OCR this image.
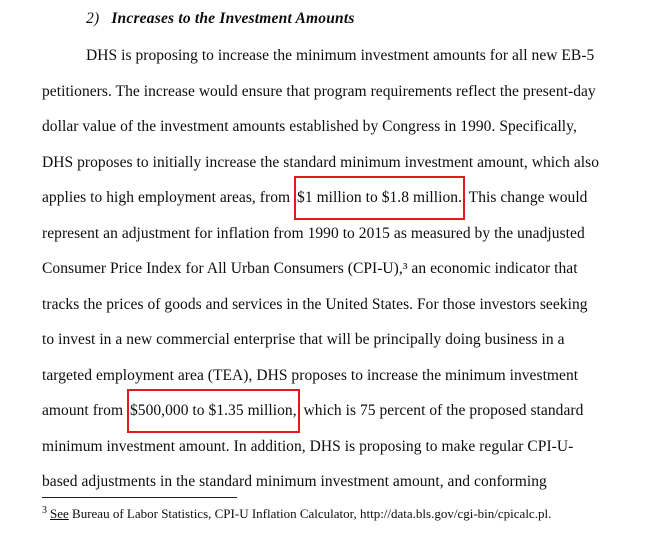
2) Increases to the Investment Amounts
DHS is proposing to increase the minimum investment amounts for all new EB-5
petitioners. The increase would ensure that program requirements reflect the present-day
dollar value of the investment amounts established by Congress in 1990. Specifically,
DHS proposes to initially increase the standard minimum investment amount, which also
applies to high employment areas, from $1 million to $1.8 million. This change would
represent an adjustment for inflation from 1990 to 2015 as measured by the unadjusted
Consumer Price Index for All Urban Consumers (CPI-U),³ an economic indicator that
tracks the prices of goods and services in the United States. For those investors seeking
to invest in a new commercial enterprise that will be principally doing business in a
targeted employment area (TEA), DHS proposes to increase the minimum investment
amount from $500,000 to $1.35 million, which is 75 percent of the proposed standard
minimum investment amount. In addition, DHS is proposing to make regular CPI-U-
based adjustments in the standard minimum investment amount, and conforming
$^3$ See Bureau of Labor Statistics, CPI-U Inflation Calculator, http://data.bls.gov/cgi-bin/cpicalc.pl.
